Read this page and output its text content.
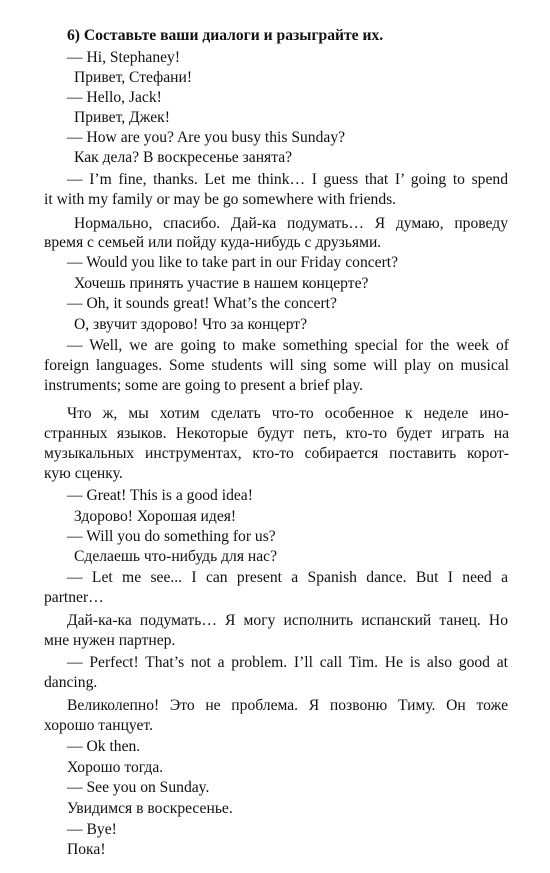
6) Составьте ваши диалоги и разыграйте их.
— Hi, Stephaney!
Привет, Стефани!
— Hello, Jack!
Привет, Джек!
— How are you? Are you busy this Sunday?
Как дела? В воскресенье занята?
— I’m fine, thanks. Let me think… I guess that I’ going to spend
it with my family or may be go somewhere with friends.
Нормально, спасибо. Дай-ка подумать… Я думаю, проведу
время с семьей или пойду куда-нибудь с друзьями.
— Would you like to take part in our Friday concert?
Хочешь принять участие в нашем концерте?
— Oh, it sounds great! What’s the concert?
О, звучит здорово! Что за концерт?
— Well, we are going to make something special for the week of
foreign languages. Some students will sing some will play on musical
instruments; some are going to present a brief play.
Что ж, мы хотим сделать что-то особенное к неделе ино-
странных языков. Некоторые будут петь, кто-то будет играть на
музыкальных инструментах, кто-то собирается поставить корот-
кую сценку.
— Great! This is a good idea!
Здорово! Хорошая идея!
— Will you do something for us?
Сделаешь что-нибудь для нас?
— Let me see... I can present a Spanish dance. But I need a
partner…
Дай-ка-ка подумать… Я могу исполнить испанский танец. Но
мне нужен партнер.
— Perfect! That’s not a problem. I’ll call Tim. He is also good at
dancing.
Великолепно! Это не проблема. Я позвоню Тиму. Он тоже
хорошо танцует.
— Ok then.
Хорошо тогда.
— See you on Sunday.
Увидимся в воскресенье.
— Bye!
Пока!
